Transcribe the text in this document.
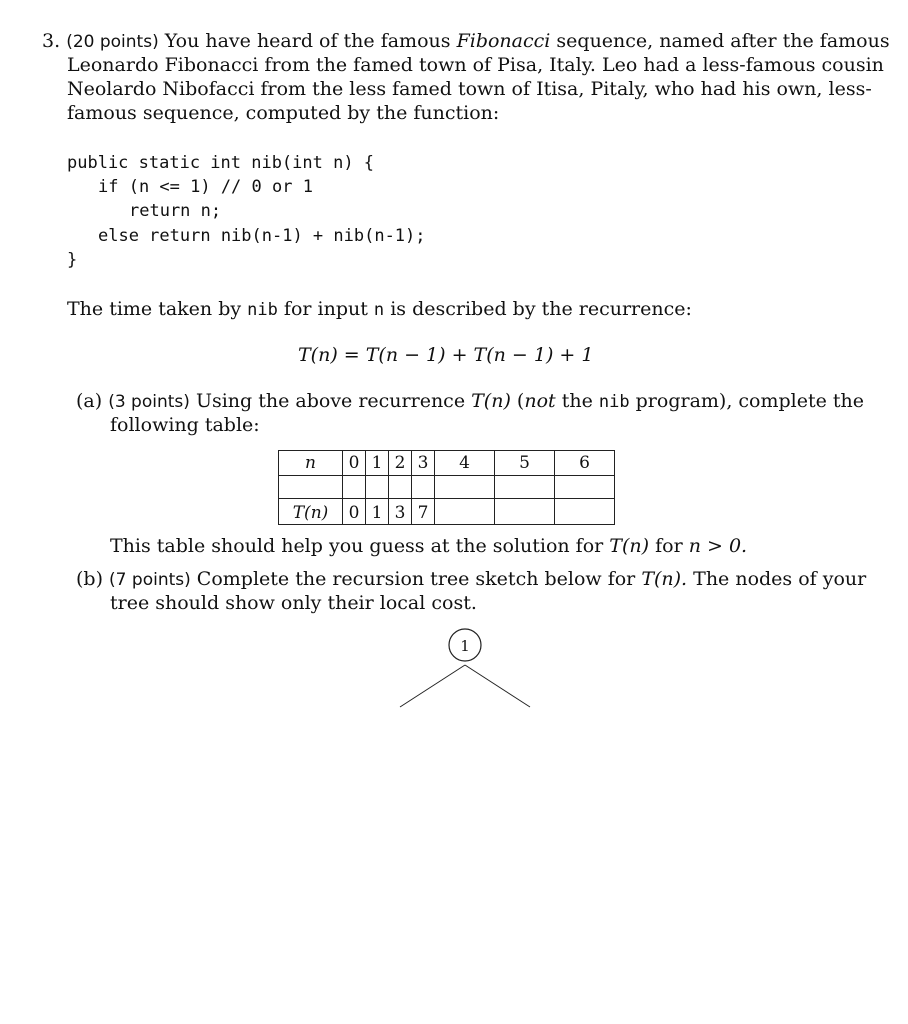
3. (20 points) You have heard of the famous Fibonacci sequence, named after the famous
Leonardo Fibonacci from the famed town of Pisa, Italy. Leo had a less-famous cousin
Neolardo Nibofacci from the less famed town of Itisa, Pitaly, who had his own, less-
famous sequence, computed by the function:
public static int nib(int n) {
if (n <= 1) // 0 or 1
return n;
else return nib(n-1) + nib(n-1);
}
The time taken by nib for input n is described by the recurrence:
T(n) = T(n − 1) + T(n − 1) + 1
(a) (3 points) Using the above recurrence T(n) (not the nib program), complete the
following table:
n	0	1	2	3	4	5	6

T(n)	0	1	3	7			
This table should help you guess at the solution for T(n) for n > 0.
(b) (7 points) Complete the recursion tree sketch below for T(n). The nodes of your
tree should show only their local cost.
1
